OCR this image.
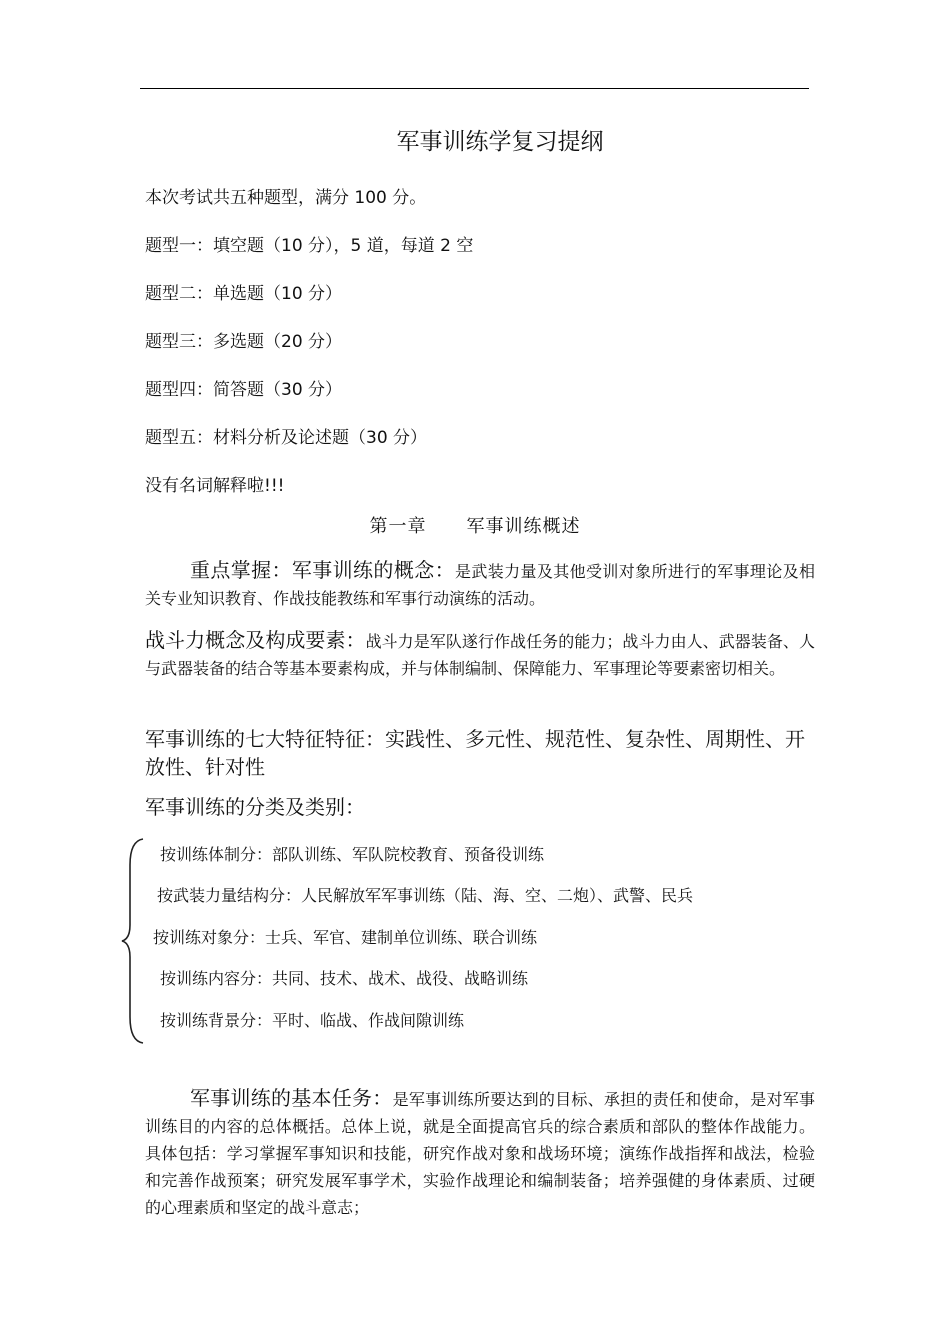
军事训练学复习提纲
本次考试共五种题型，满分 100 分。
题型一：填空题（10 分），5 道，每道 2 空
题型二：单选题（10 分）
题型三：多选题（20 分）
题型四：简答题（30 分）
题型五：材料分析及论述题（30 分）
没有名词解释啦!!!
第一章 军事训练概述
重点掌握：军事训练的概念：是武装力量及其他受训对象所进行的军事理论及相关专业知识教育、作战技能教练和军事行动演练的活动。
战斗力概念及构成要素：战斗力是军队遂行作战任务的能力；战斗力由人、武器装备、人与武器装备的结合等基本要素构成，并与体制编制、保障能力、军事理论等要素密切相关。
军事训练的七大特征特征：实践性、多元性、规范性、复杂性、周期性、开放性、针对性
军事训练的分类及类别：
按训练体制分：部队训练、军队院校教育、预备役训练
按武装力量结构分：人民解放军军事训练（陆、海、空、二炮）、武警、民兵
按训练对象分：士兵、军官、建制单位训练、联合训练
按训练内容分：共同、技术、战术、战役、战略训练
按训练背景分：平时、临战、作战间隙训练
军事训练的基本任务：是军事训练所要达到的目标、承担的责任和使命，是对军事训练目的内容的总体概括。总体上说，就是全面提高官兵的综合素质和部队的整体作战能力。具体包括：学习掌握军事知识和技能，研究作战对象和战场环境；演练作战指挥和战法，检验和完善作战预案；研究发展军事学术，实验作战理论和编制装备；培养强健的身体素质、过硬的心理素质和坚定的战斗意志；
